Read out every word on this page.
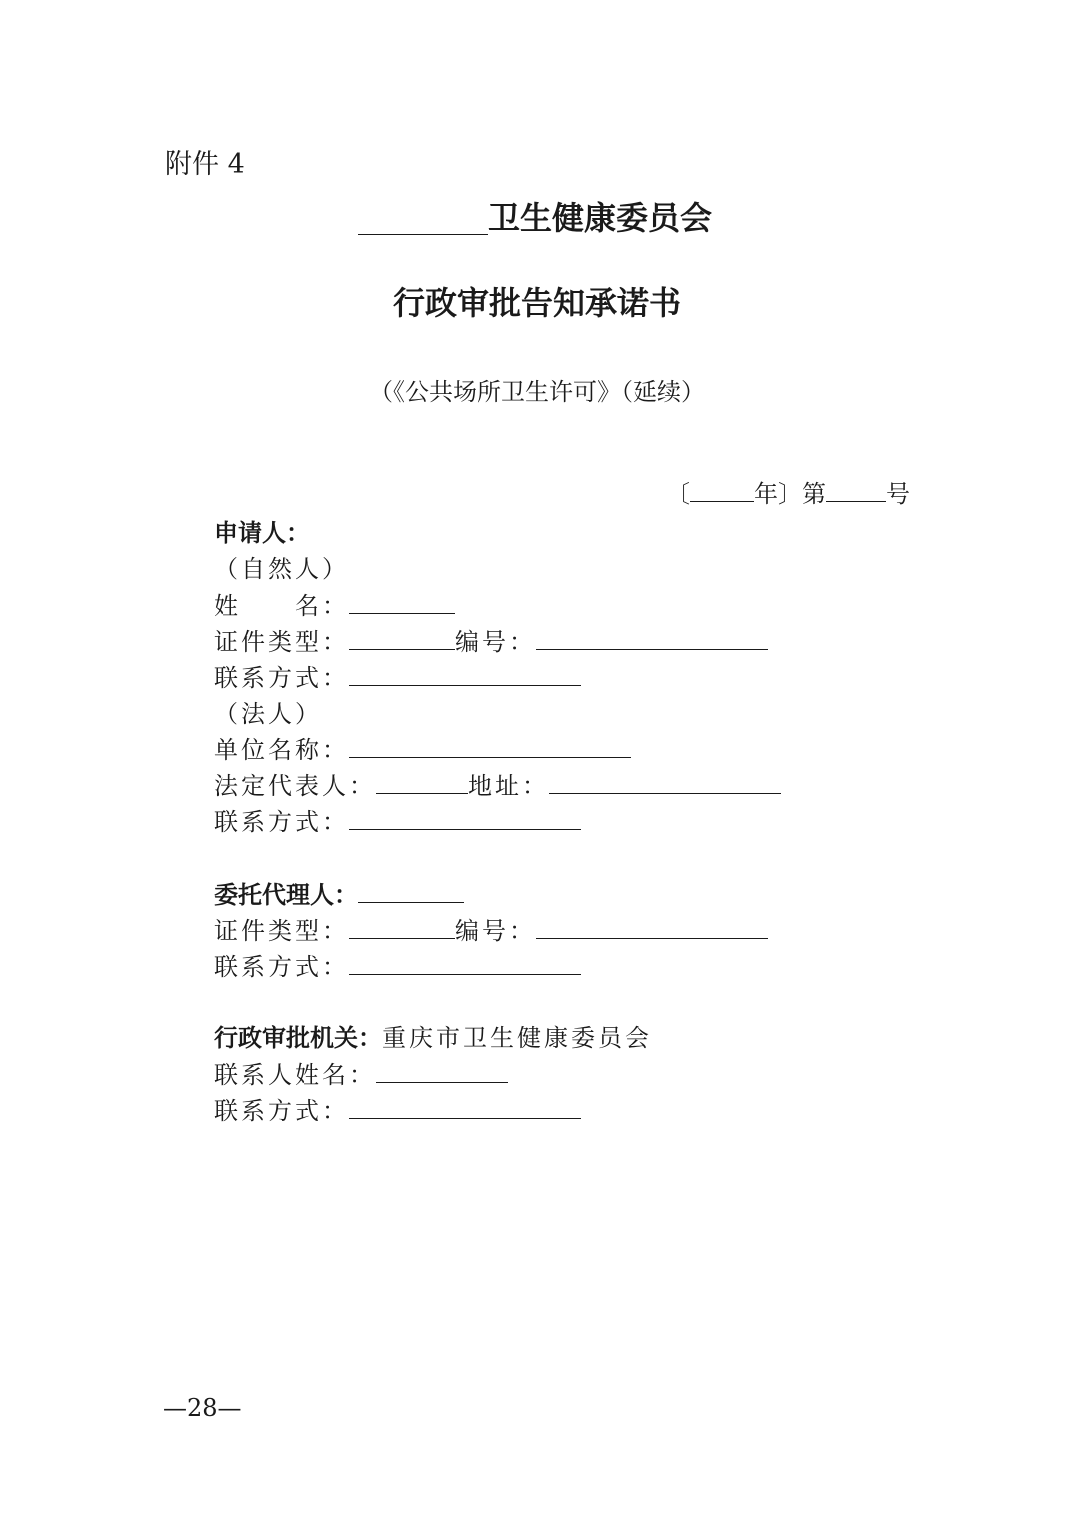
附件 4
卫生健康委员会
行政审批告知承诺书
（《公共场所卫生许可》（延续）
〔	年〕第	号
申请人：
（自然人）
姓　　名：
证件类型：	编号：
联系方式：
（法人）
单位名称：
法定代表人：	地址：
联系方式：
委托代理人：
证件类型：	编号：
联系方式：
行政审批机关：重庆市卫生健康委员会
联系人姓名：
联系方式：
—28—
